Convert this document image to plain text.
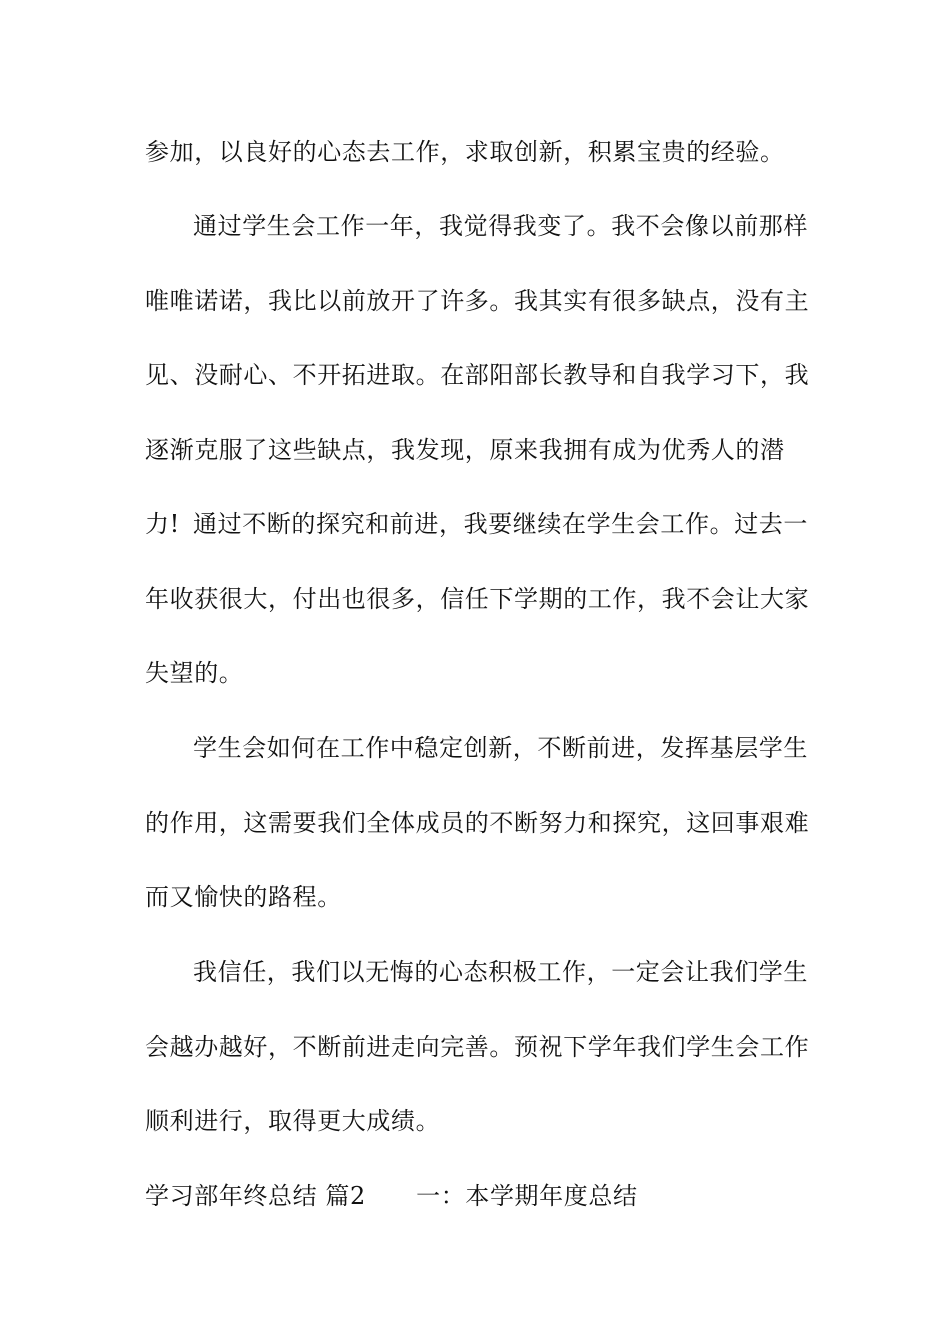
参加，以良好的心态去工作，求取创新，积累宝贵的经验。

通过学生会工作一年，我觉得我变了。我不会像以前那样唯唯诺诺，我比以前放开了许多。我其实有很多缺点，没有主见、没耐心、不开拓进取。在部阳部长教导和自我学习下，我逐渐克服了这些缺点，我发现，原来我拥有成为优秀人的潜力! 通过不断的探究和前进，我要继续在学生会工作。过去一年收获很大，付出也很多，信任下学期的工作，我不会让大家失望的。

学生会如何在工作中稳定创新，不断前进，发挥基层学生的作用，这需要我们全体成员的不断努力和探究，这回事艰难而又愉快的路程。

我信任，我们以无悔的心态积极工作，一定会让我们学生会越办越好，不断前进走向完善。预祝下学年我们学生会工作顺利进行，取得更大成绩。

学习部年终总结 篇2 一：本学期年度总结
